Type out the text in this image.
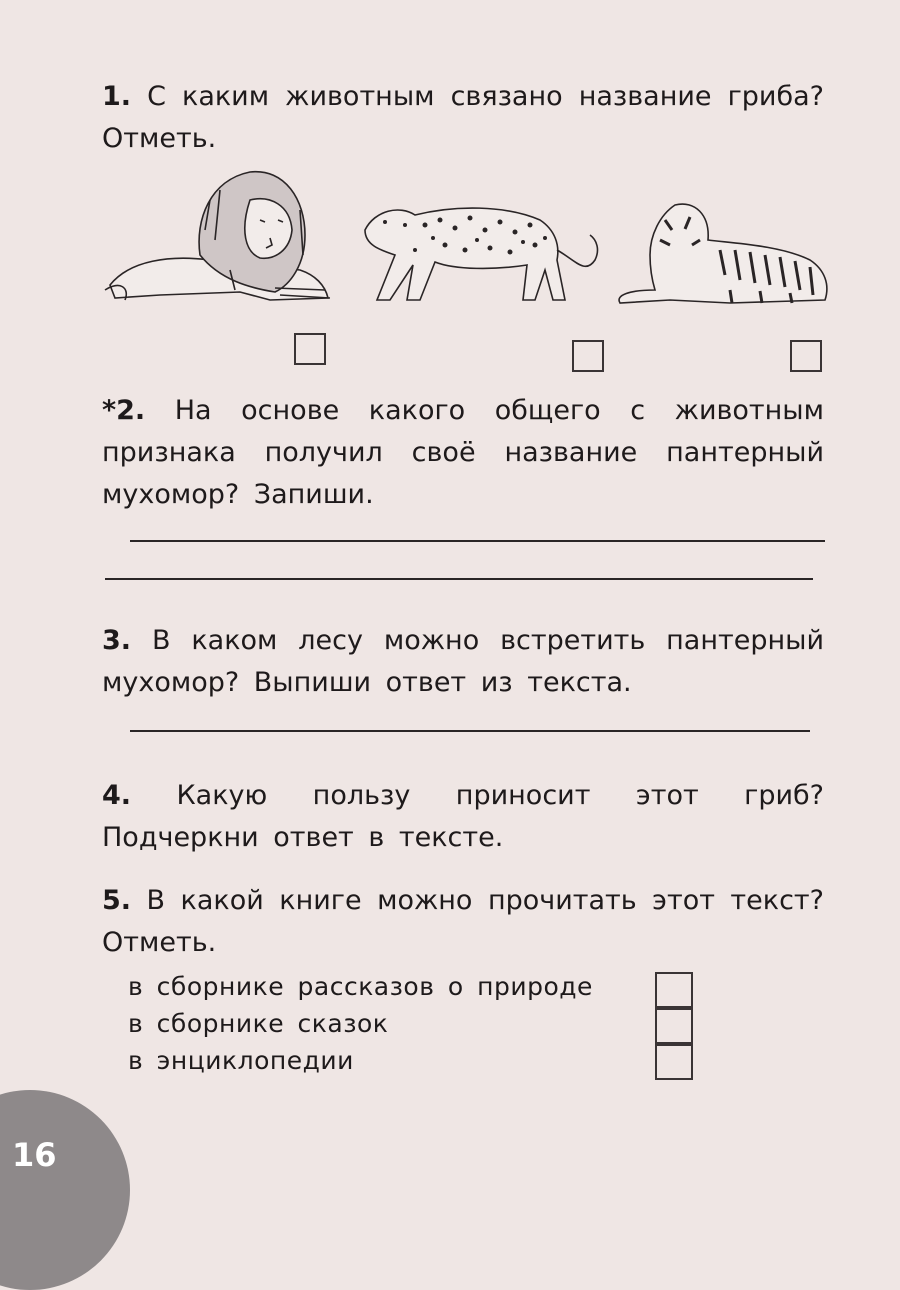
1. С каким животным связано название гриба? Отметь.
*2. На основе какого общего с животным признака получил своё название пантерный мухомор? Запиши.
3. В каком лесу можно встретить пантерный мухомор? Выпиши ответ из текста.
4. Какую пользу приносит этот гриб? Подчеркни ответ в тексте.
5. В какой книге можно прочитать этот текст? Отметь.
в сборнике рассказов о природе
в сборнике сказок
в энциклопедии
16
